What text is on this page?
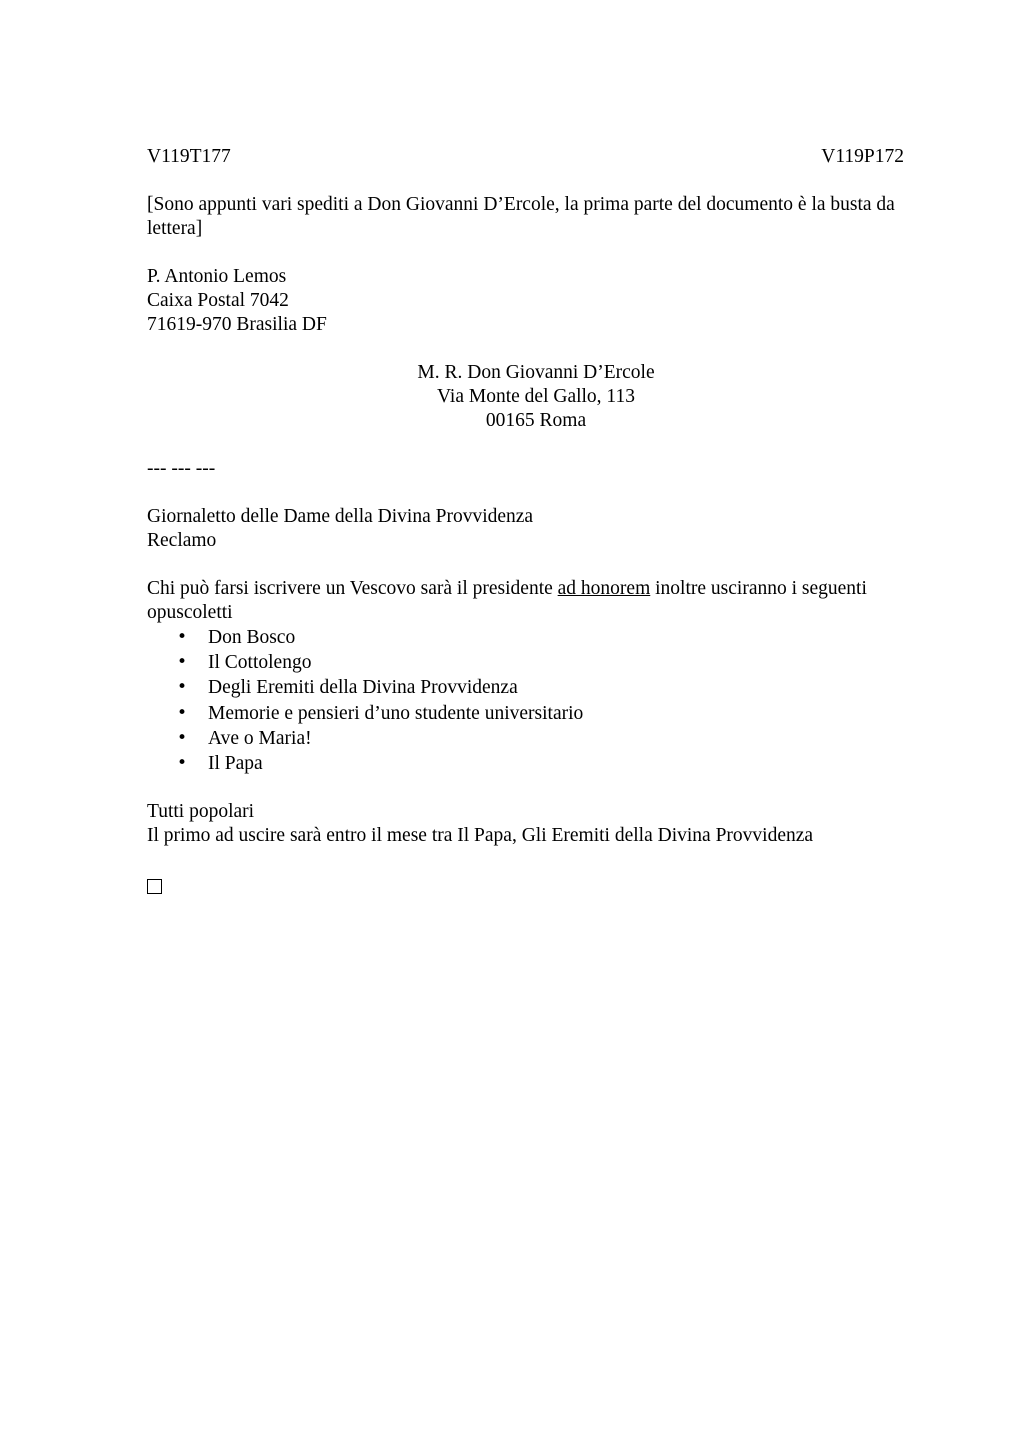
V119T177	V119P172

[Sono appunti vari spediti a Don Giovanni D’Ercole, la prima parte del documento è la busta da lettera]

P. Antonio Lemos

Caixa Postal 7042

71619-970 Brasilia DF

M. R. Don Giovanni D’Ercole

Via Monte del Gallo, 113

00165 Roma

--- --- ---

Giornaletto delle Dame della Divina Provvidenza

Reclamo

Chi può farsi iscrivere un Vescovo sarà il presidente ad honorem inoltre usciranno i seguenti opuscoletti

• Don Bosco
• Il Cottolengo
• Degli Eremiti della Divina Provvidenza
• Memorie e pensieri d’uno studente universitario
• Ave o Maria!
• Il Papa

Tutti popolari

Il primo ad uscire sarà entro il mese tra Il Papa, Gli Eremiti della Divina Provvidenza
